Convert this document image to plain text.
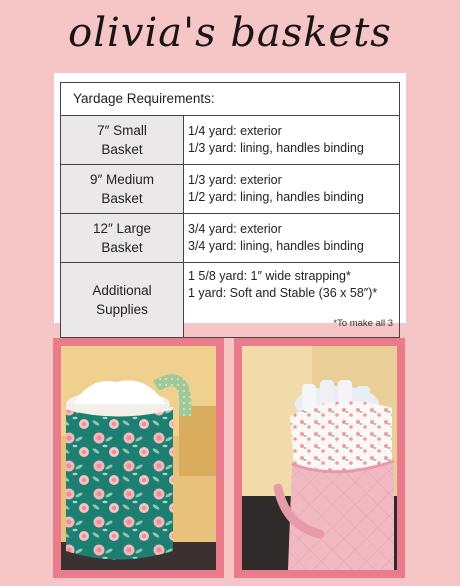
olivia's baskets
Yardage Requirements:
7″ Small
Basket
1/4 yard: exterior
1/3 yard: lining, handles binding
9″ Medium
Basket
1/3 yard: exterior
1/2 yard: lining, handles binding
12″ Large
Basket
3/4 yard: exterior
3/4 yard: lining, handles binding
Additional
Supplies
1 5/8 yard: 1″ wide strapping*
1 yard: Soft and Stable (36 x 58″)*
*To make all 3
